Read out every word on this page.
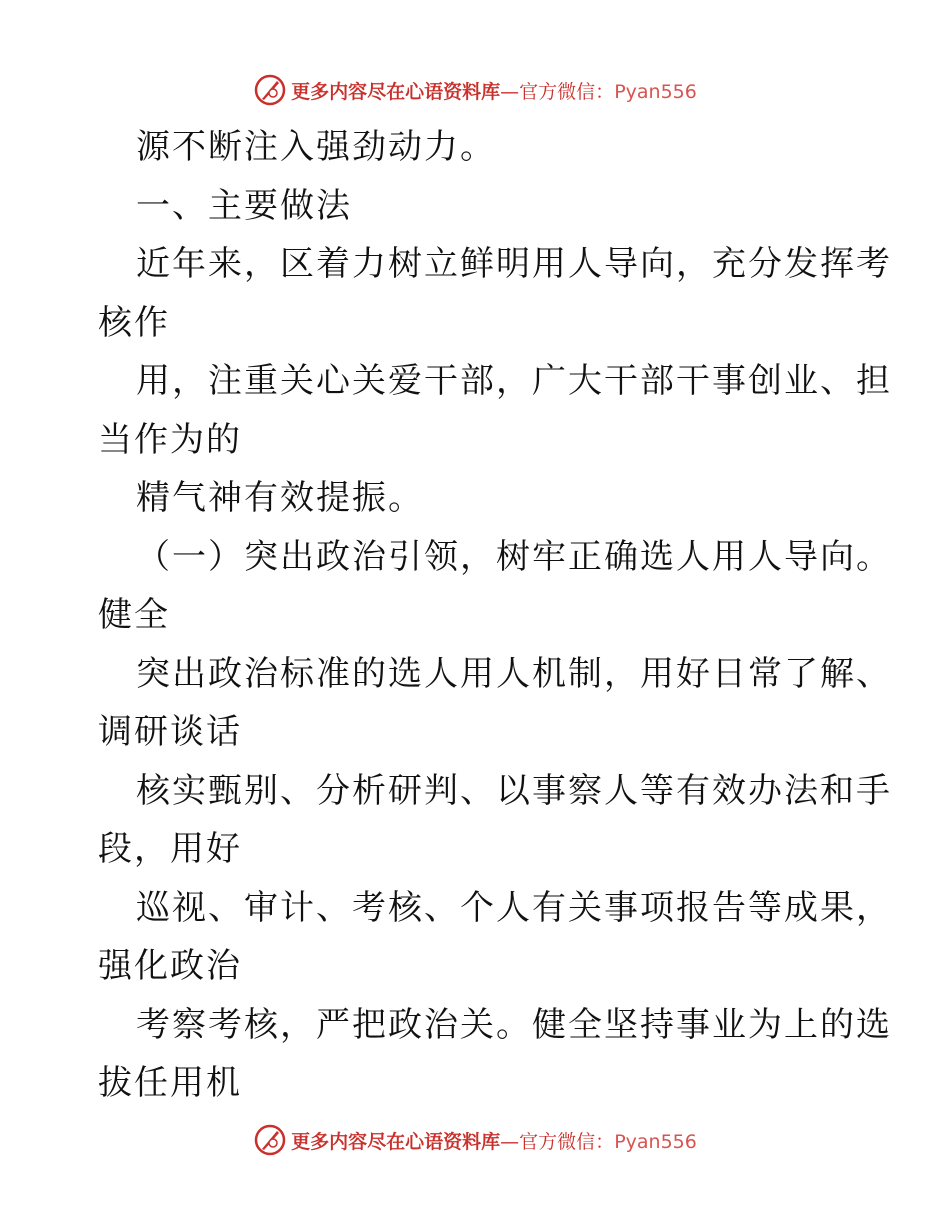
更多内容尽在心语资料库—官方微信：Pyan556
源不断注入强劲动力。
一、主要做法
近年来，区着力树立鲜明用人导向，充分发挥考
核作
用，注重关心关爱干部，广大干部干事创业、担
当作为的
精气神有效提振。
（一）突出政治引领，树牢正确选人用人导向。
健全
突出政治标准的选人用人机制，用好日常了解、
调研谈话
核实甄别、分析研判、以事察人等有效办法和手
段，用好
巡视、审计、考核、个人有关事项报告等成果，
强化政治
考察考核，严把政治关。健全坚持事业为上的选
拔任用机
更多内容尽在心语资料库—官方微信：Pyan556
